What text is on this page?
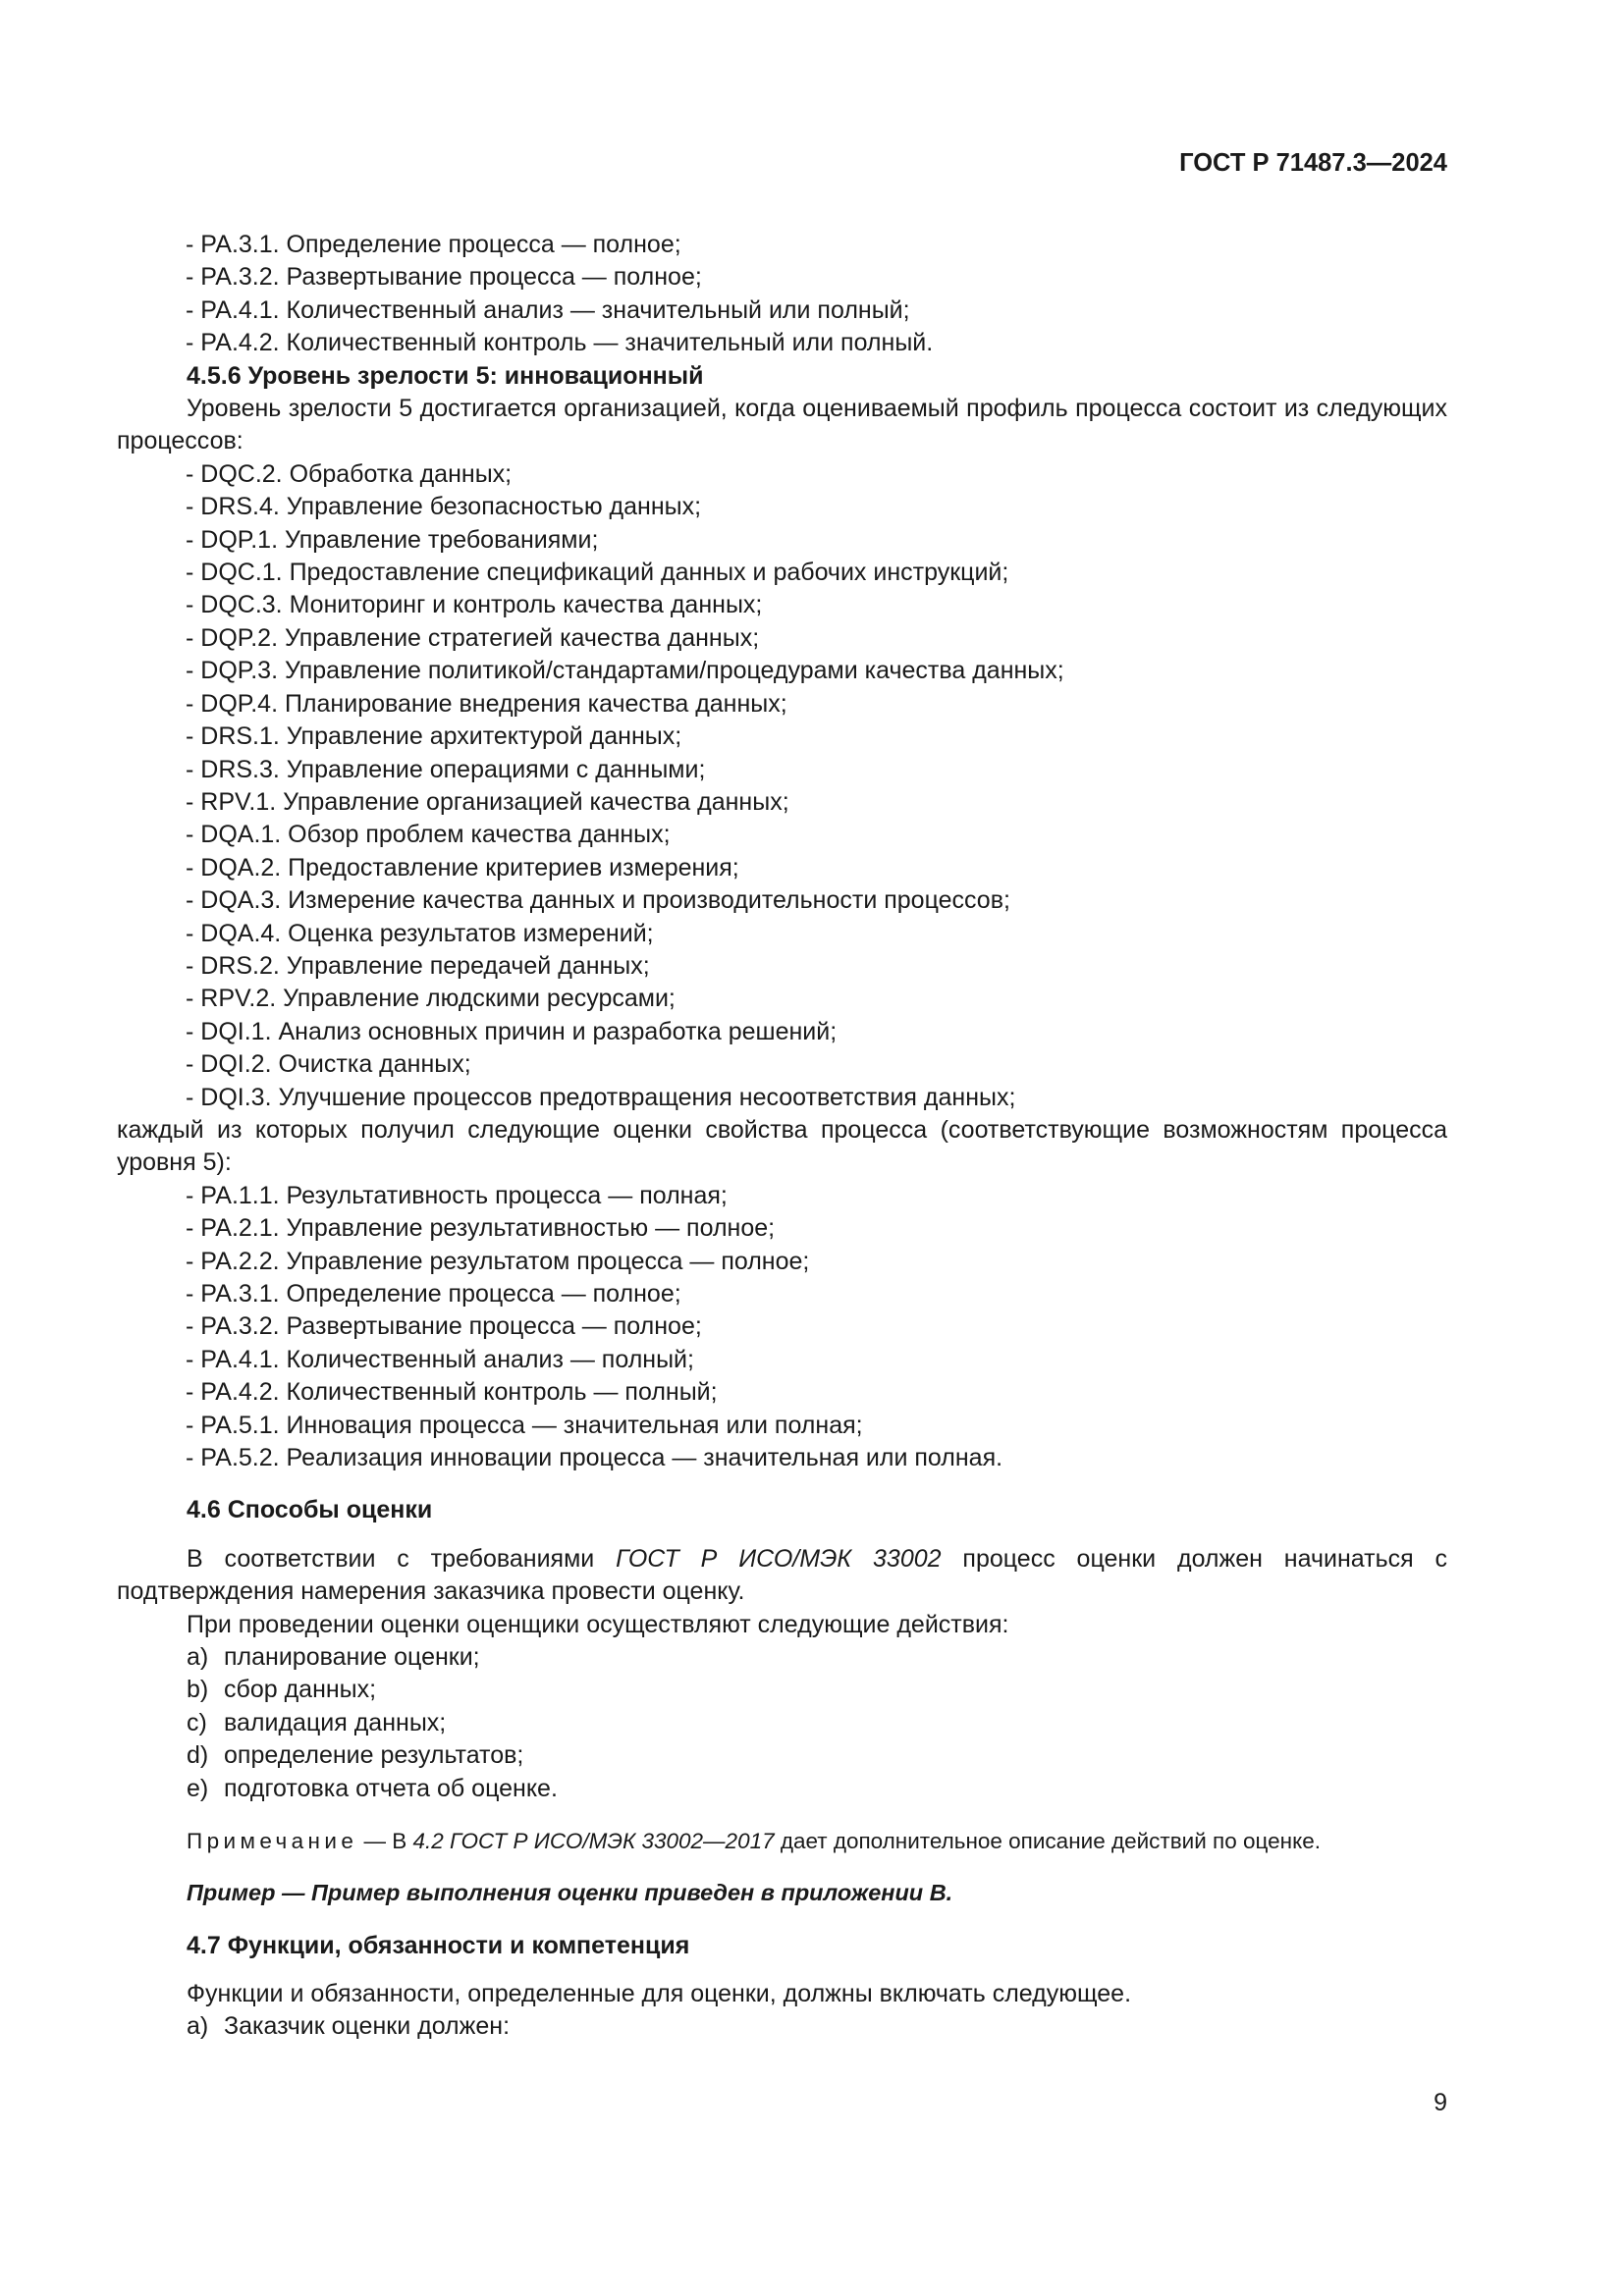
ГОСТ Р 71487.3—2024
- РА.3.1. Определение процесса — полное;
- РА.3.2. Развертывание процесса — полное;
- РА.4.1. Количественный анализ — значительный или полный;
- РА.4.2. Количественный контроль — значительный или полный.
4.5.6 Уровень зрелости 5: инновационный
Уровень зрелости 5 достигается организацией, когда оцениваемый профиль процесса состоит из следующих процессов:
- DQC.2. Обработка данных;
- DRS.4. Управление безопасностью данных;
- DQP.1. Управление требованиями;
- DQC.1. Предоставление спецификаций данных и рабочих инструкций;
- DQC.3. Мониторинг и контроль качества данных;
- DQP.2. Управление стратегией качества данных;
- DQP.3. Управление политикой/стандартами/процедурами качества данных;
- DQP.4. Планирование внедрения качества данных;
- DRS.1. Управление архитектурой данных;
- DRS.3. Управление операциями с данными;
- RPV.1. Управление организацией качества данных;
- DQA.1. Обзор проблем качества данных;
- DQA.2. Предоставление критериев измерения;
- DQA.3. Измерение качества данных и производительности процессов;
- DQA.4. Оценка результатов измерений;
- DRS.2. Управление передачей данных;
- RPV.2. Управление людскими ресурсами;
- DQI.1. Анализ основных причин и разработка решений;
- DQI.2. Очистка данных;
- DQI.3. Улучшение процессов предотвращения несоответствия данных;
каждый из которых получил следующие оценки свойства процесса (соответствующие возможностям процесса уровня 5):
- РА.1.1. Результативность процесса — полная;
- РА.2.1. Управление результативностью — полное;
- РА.2.2. Управление результатом процесса — полное;
- РА.3.1. Определение процесса — полное;
- РА.3.2. Развертывание процесса — полное;
- РА.4.1. Количественный анализ — полный;
- РА.4.2. Количественный контроль — полный;
- РА.5.1. Инновация процесса — значительная или полная;
- РА.5.2. Реализация инновации процесса — значительная или полная.
4.6 Способы оценки
В соответствии с требованиями ГОСТ Р ИСО/МЭК 33002 процесс оценки должен начинаться с подтверждения намерения заказчика провести оценку.
При проведении оценки оценщики осуществляют следующие действия:
a) планирование оценки;
b) сбор данных;
c) валидация данных;
d) определение результатов;
e) подготовка отчета об оценке.
Примечание — В 4.2 ГОСТ Р ИСО/МЭК 33002—2017 дает дополнительное описание действий по оценке.
Пример — Пример выполнения оценки приведен в приложении В.
4.7 Функции, обязанности и компетенция
Функции и обязанности, определенные для оценки, должны включать следующее.
a) Заказчик оценки должен:
9
